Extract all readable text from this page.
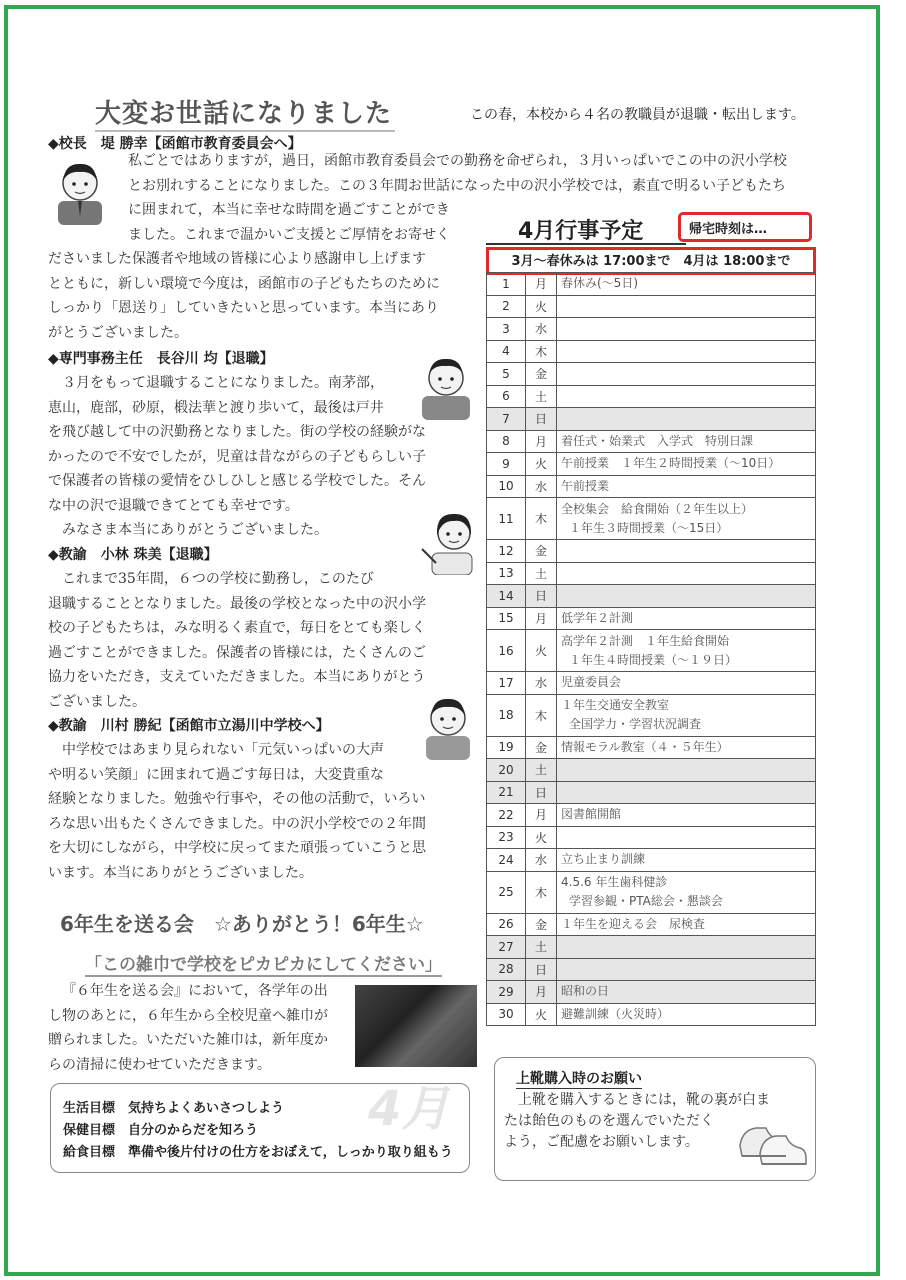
大変お世話になりました	この春，本校から４名の教職員が退職・転出します。
◆校長　堤 勝幸【函館市教育委員会へ】
私ごとではありますが，過日，函館市教育委員会での勤務を命ぜられ，３月いっぱいでこの中の沢小学校
とお別れすることになりました。この３年間お世話になった中の沢小学校では，素直で明るい子どもたち
に囲まれて，本当に幸せな時間を過ごすことができ
ました。これまで温かいご支援とご厚情をお寄せく
ださいました保護者や地域の皆様に心より感謝申し上げます
とともに，新しい環境で今度は，函館市の子どもたちのために
しっかり「恩送り」していきたいと思っています。本当にあり
がとうございました。
◆専門事務主任　長谷川 均【退職】
３月をもって退職することになりました。南茅部，
恵山，鹿部，砂原，椴法華と渡り歩いて，最後は戸井
を飛び越して中の沢勤務となりました。街の学校の経験がな
かったので不安でしたが，児童は昔ながらの子どもらしい子
で保護者の皆様の愛情をひしひしと感じる学校でした。そん
な中の沢で退職できてとても幸せです。
みなさま本当にありがとうございました。
◆教諭　小林 珠美【退職】
これまで35年間，６つの学校に勤務し，このたび
退職することとなりました。最後の学校となった中の沢小学
校の子どもたちは，みな明るく素直で，毎日をとても楽しく
過ごすことができました。保護者の皆様には，たくさんのご
協力をいただき，支えていただきました。本当にありがとう
ございました。
◆教諭　川村 勝紀【函館市立湯川中学校へ】
中学校ではあまり見られない「元気いっぱいの大声
や明るい笑顔」に囲まれて過ごす毎日は，大変貴重な
経験となりました。勉強や行事や，その他の活動で，いろい
ろな思い出もたくさんできました。中の沢小学校での２年間
を大切にしながら，中学校に戻ってまた頑張っていこうと思
います。本当にありがとうございました。
4月行事予定	帰宅時刻は…
3月～春休みは 17:00まで　4月は 18:00まで
1	月	春休み(～5日)

2	火	
3	水	
4	木	
5	金	
6	土	
7	日	
8	月	着任式・始業式　入学式　特別日課

9	火	午前授業　１年生２時間授業（～10日）

10	水	午前授業

11	木	全校集会　給食開始（２年生以上）
１年生３時間授業（～15日）

12	金	
13	土	
14	日	
15	月	低学年２計測

16	火	高学年２計測　１年生給食開始
１年生４時間授業（～１９日）

17	水	児童委員会

18	木	１年生交通安全教室
全国学力・学習状況調査

19	金	情報モラル教室（４・５年生）

20	土	
21	日	
22	月	図書館開館

23	火	
24	水	立ち止まり訓練

25	木	4.5.6 年生歯科健診
学習参観・PTA総会・懇談会

26	金	１年生を迎える会　尿検査

27	土	
28	日	
29	月	昭和の日

30	火	避難訓練（火災時）
6年生を送る会　☆ありがとう！6年生☆
「この雑巾で学校をピカピカにしてください」
『６年生を送る会』において，各学年の出
し物のあとに，６年生から全校児童へ雑巾が
贈られました。いただいた雑巾は，新年度か
らの清掃に使わせていただきます。
4月
生活目標　気持ちよくあいさつしよう
保健目標　自分のからだを知ろう
給食目標　準備や後片付けの仕方をおぼえて，しっかり取り組もう
上靴購入時のお願い
上靴を購入するときには，靴の裏が白ま
たは飴色のものを選んでいただく
よう，ご配慮をお願いします。
